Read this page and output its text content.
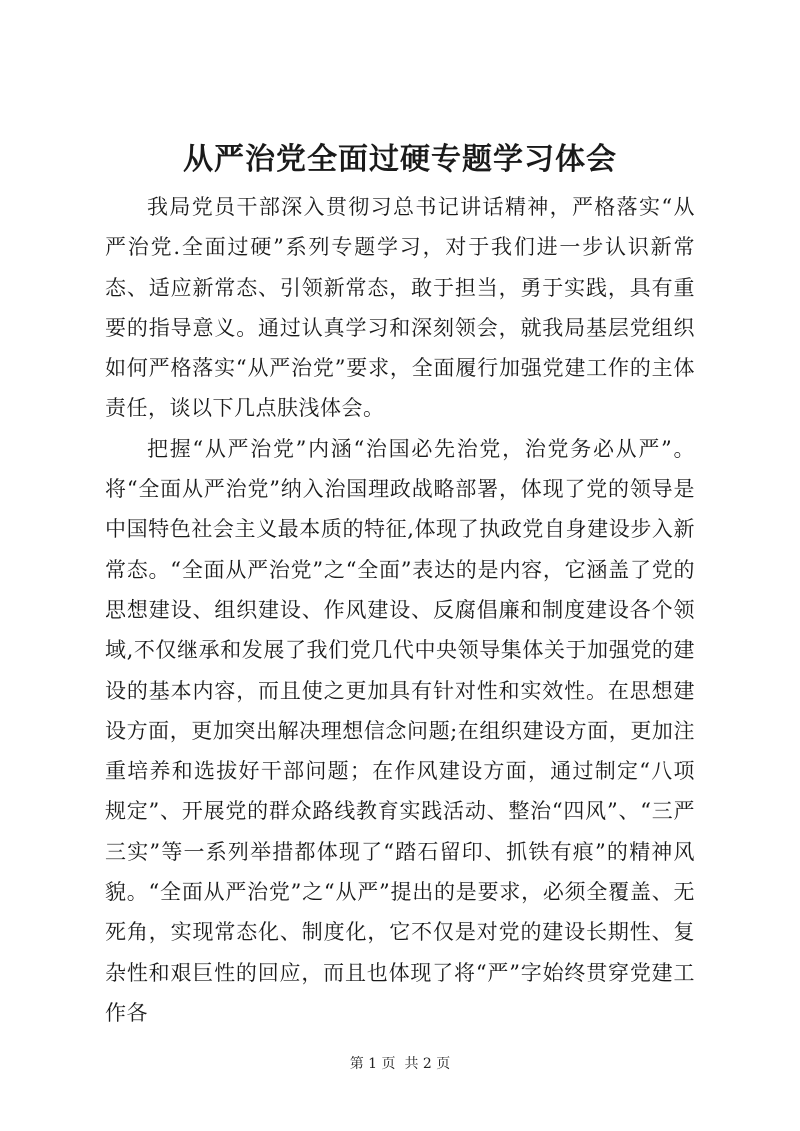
从严治党全面过硬专题学习体会

我局党员干部深入贯彻习总书记讲话精神，严格落实“从严治党.全面过硬”系列专题学习，对于我们进一步认识新常态、适应新常态、引领新常态，敢于担当，勇于实践，具有重要的指导意义。通过认真学习和深刻领会，就我局基层党组织如何严格落实“从严治党”要求，全面履行加强党建工作的主体责任，谈以下几点肤浅体会。

把握“从严治党”内涵“治国必先治党，治党务必从严”。将“全面从严治党”纳入治国理政战略部署，体现了党的领导是中国特色社会主义最本质的特征,体现了执政党自身建设步入新常态。“全面从严治党”之“全面”表达的是内容，它涵盖了党的思想建设、组织建设、作风建设、反腐倡廉和制度建设各个领域,不仅继承和发展了我们党几代中央领导集体关于加强党的建设的基本内容，而且使之更加具有针对性和实效性。在思想建设方面，更加突出解决理想信念问题;在组织建设方面，更加注重培养和选拔好干部问题；在作风建设方面，通过制定“八项规定”、开展党的群众路线教育实践活动、整治“四风”、“三严三实”等一系列举措都体现了“踏石留印、抓铁有痕”的精神风貌。“全面从严治党”之“从严”提出的是要求，必须全覆盖、无死角，实现常态化、制度化，它不仅是对党的建设长期性、复杂性和艰巨性的回应，而且也体现了将“严”字始终贯穿党建工作各

第 1 页  共 2 页
